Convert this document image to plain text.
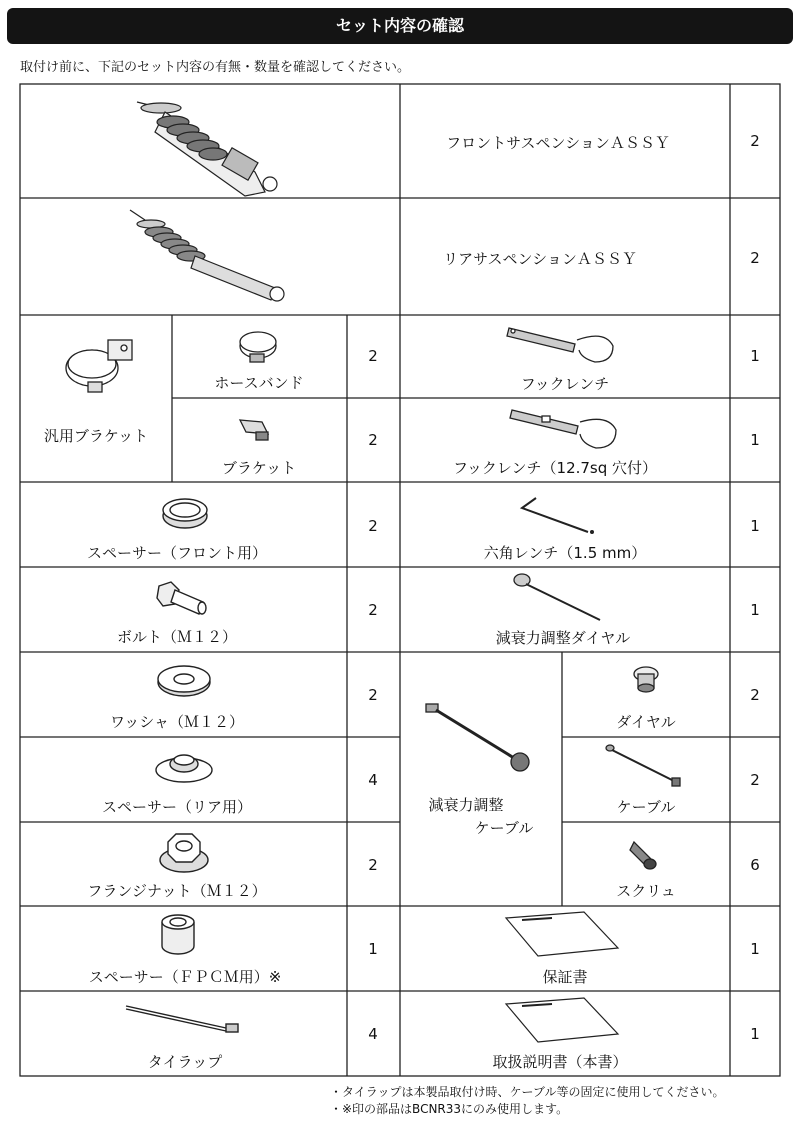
セット内容の確認
取付け前に、下記のセット内容の有無・数量を確認してください。
フロントサスペンションＡＳＳＹ	2
リアサスペンションＡＳＳＹ	2
汎用ブラケット
ホースバンド
2
ブラケット
2
フックレンチ
1
フックレンチ（12.7sq 穴付）
1
スペーサー（フロント用）
2
六角レンチ（1.5 mm）
1
ボルト（Ｍ１２）
2
減衰力調整ダイヤル
1
ワッシャ（Ｍ１２）
2
減衰力調整
ケーブル
ダイヤル
2
スペーサー（リア用）
4
ケーブル
2
フランジナット（Ｍ１２）
2
スクリュ
6
スペーサー（ＦＰＣＭ用）※
1
保証書
1
タイラップ
4
取扱説明書（本書）
1
・タイラップは本製品取付け時、ケーブル等の固定に使用してください。
・※印の部品はBCNR33にのみ使用します。
